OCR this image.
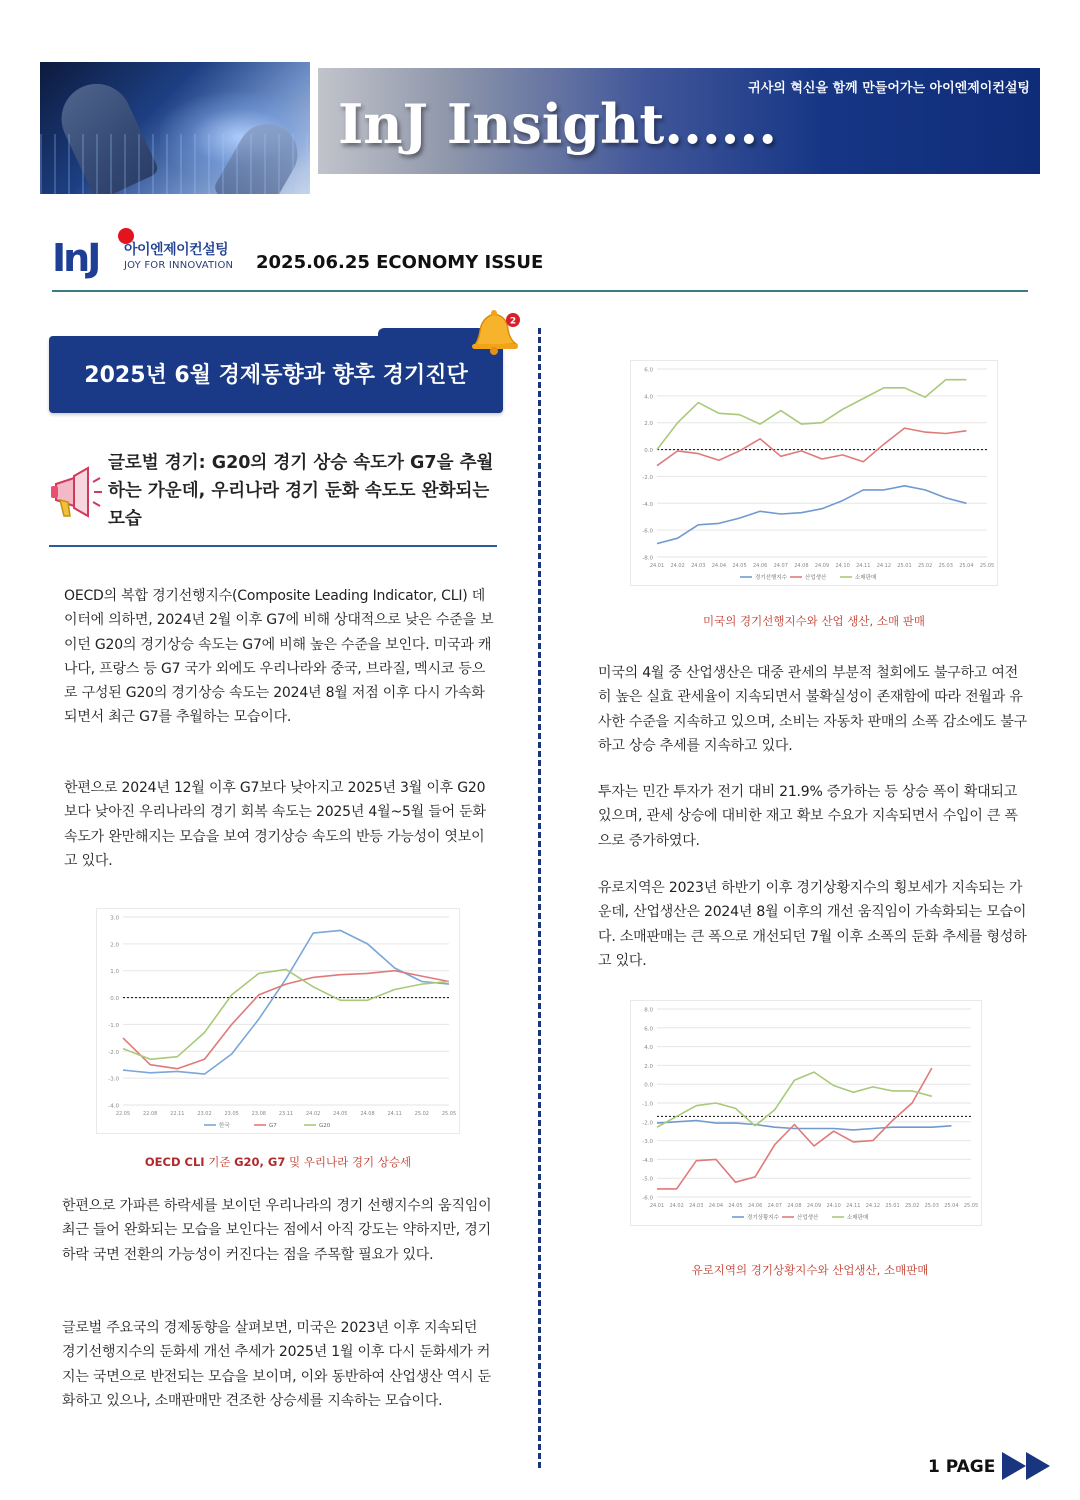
InJ Insight......
귀사의 혁신을 함께 만들어가는 아이엔제이컨설팅
InJ 아이엔제이컨설팅
JOY FOR INNOVATION 2025.06.25 ECONOMY ISSUE
2025년 6월 경제동향과 향후 경기진단
2
글로벌 경기: G20의 경기 상승 속도가 G7을 추월하는 가운데, 우리나라 경기 둔화 속도도 완화되는 모습
OECD의 복합 경기선행지수(Composite Leading Indicator, CLI) 데이터에 의하면, 2024년 2월 이후 G7에 비해 상대적으로 낮은 수준을 보이던 G20의 경기상승 속도는 G7에 비해 높은 수준을 보인다. 미국과 캐나다, 프랑스 등 G7 국가 외에도 우리나라와 중국, 브라질, 멕시코 등으로 구성된 G20의 경기상승 속도는 2024년 8월 저점 이후 다시 가속화되면서 최근 G7를 추월하는 모습이다.
한편으로 2024년 12월 이후 G7보다 낮아지고 2025년 3월 이후 G20보다 낮아진 우리나라의 경기 회복 속도는 2025년 4월~5월 들어 둔화 속도가 완만해지는 모습을 보여 경기상승 속도의 반등 가능성이 엿보이고 있다.
3.0
2.0
1.0
0.0
-1.0
-2.0
-3.0
-4.0
22.05	22.08	22.11	23.02	23.05	23.08	23.11	24.02	24.05	24.08	24.11	25.02	25.05
한국	G7	G20
OECD CLI 기준 G20, G7 및 우리나라 경기 상승세
한편으로 가파른 하락세를 보이던 우리나라의 경기 선행지수의 움직임이 최근 들어 완화되는 모습을 보인다는 점에서 아직 강도는 약하지만, 경기 하락 국면 전환의 가능성이 커진다는 점을 주목할 필요가 있다.
글로벌 주요국의 경제동향을 살펴보면, 미국은 2023년 이후 지속되던 경기선행지수의 둔화세 개선 추세가 2025년 1월 이후 다시 둔화세가 커지는 국면으로 반전되는 모습을 보이며, 이와 동반하여 산업생산 역시 둔화하고 있으나, 소매판매만 견조한 상승세를 지속하는 모습이다.
6.0
4.0
2.0
0.0
-2.0
-4.0
-6.0
-8.0
24.01 24.02 24.03 24.04 24.05 24.06 24.07 24.08 24.09 24.10 24.11 24.12 25.01 25.02 25.03 25.04 25.05
경기선행지수	산업생산	소매판매
미국의 경기선행지수와 산업 생산, 소매 판매
미국의 4월 중 산업생산은 대중 관세의 부분적 철회에도 불구하고 여전히 높은 실효 관세율이 지속되면서 불확실성이 존재함에 따라 전월과 유사한 수준을 지속하고 있으며, 소비는 자동차 판매의 소폭 감소에도 불구하고 상승 추세를 지속하고 있다.
투자는 민간 투자가 전기 대비 21.9% 증가하는 등 상승 폭이 확대되고 있으며, 관세 상승에 대비한 재고 확보 수요가 지속되면서 수입이 큰 폭으로 증가하였다.
유로지역은 2023년 하반기 이후 경기상황지수의 횡보세가 지속되는 가운데, 산업생산은 2024년 8월 이후의 개선 움직임이 가속화되는 모습이다. 소매판매는 큰 폭으로 개선되던 7월 이후 소폭의 둔화 추세를 형성하고 있다.
8.0
6.0
4.0
2.0
0.0
-1.0
-2.0
-3.0
-4.0
-5.0
-6.0
24.01 24.02 24.03 24.04 24.05 24.06 24.07 24.08 24.09 24.10 24.11 24.12 25.01 25.02 25.03 25.04 25.05
경기상황지수	산업생산	소매판매
유로지역의 경기상황지수와 산업생산, 소매판매
1 PAGE
